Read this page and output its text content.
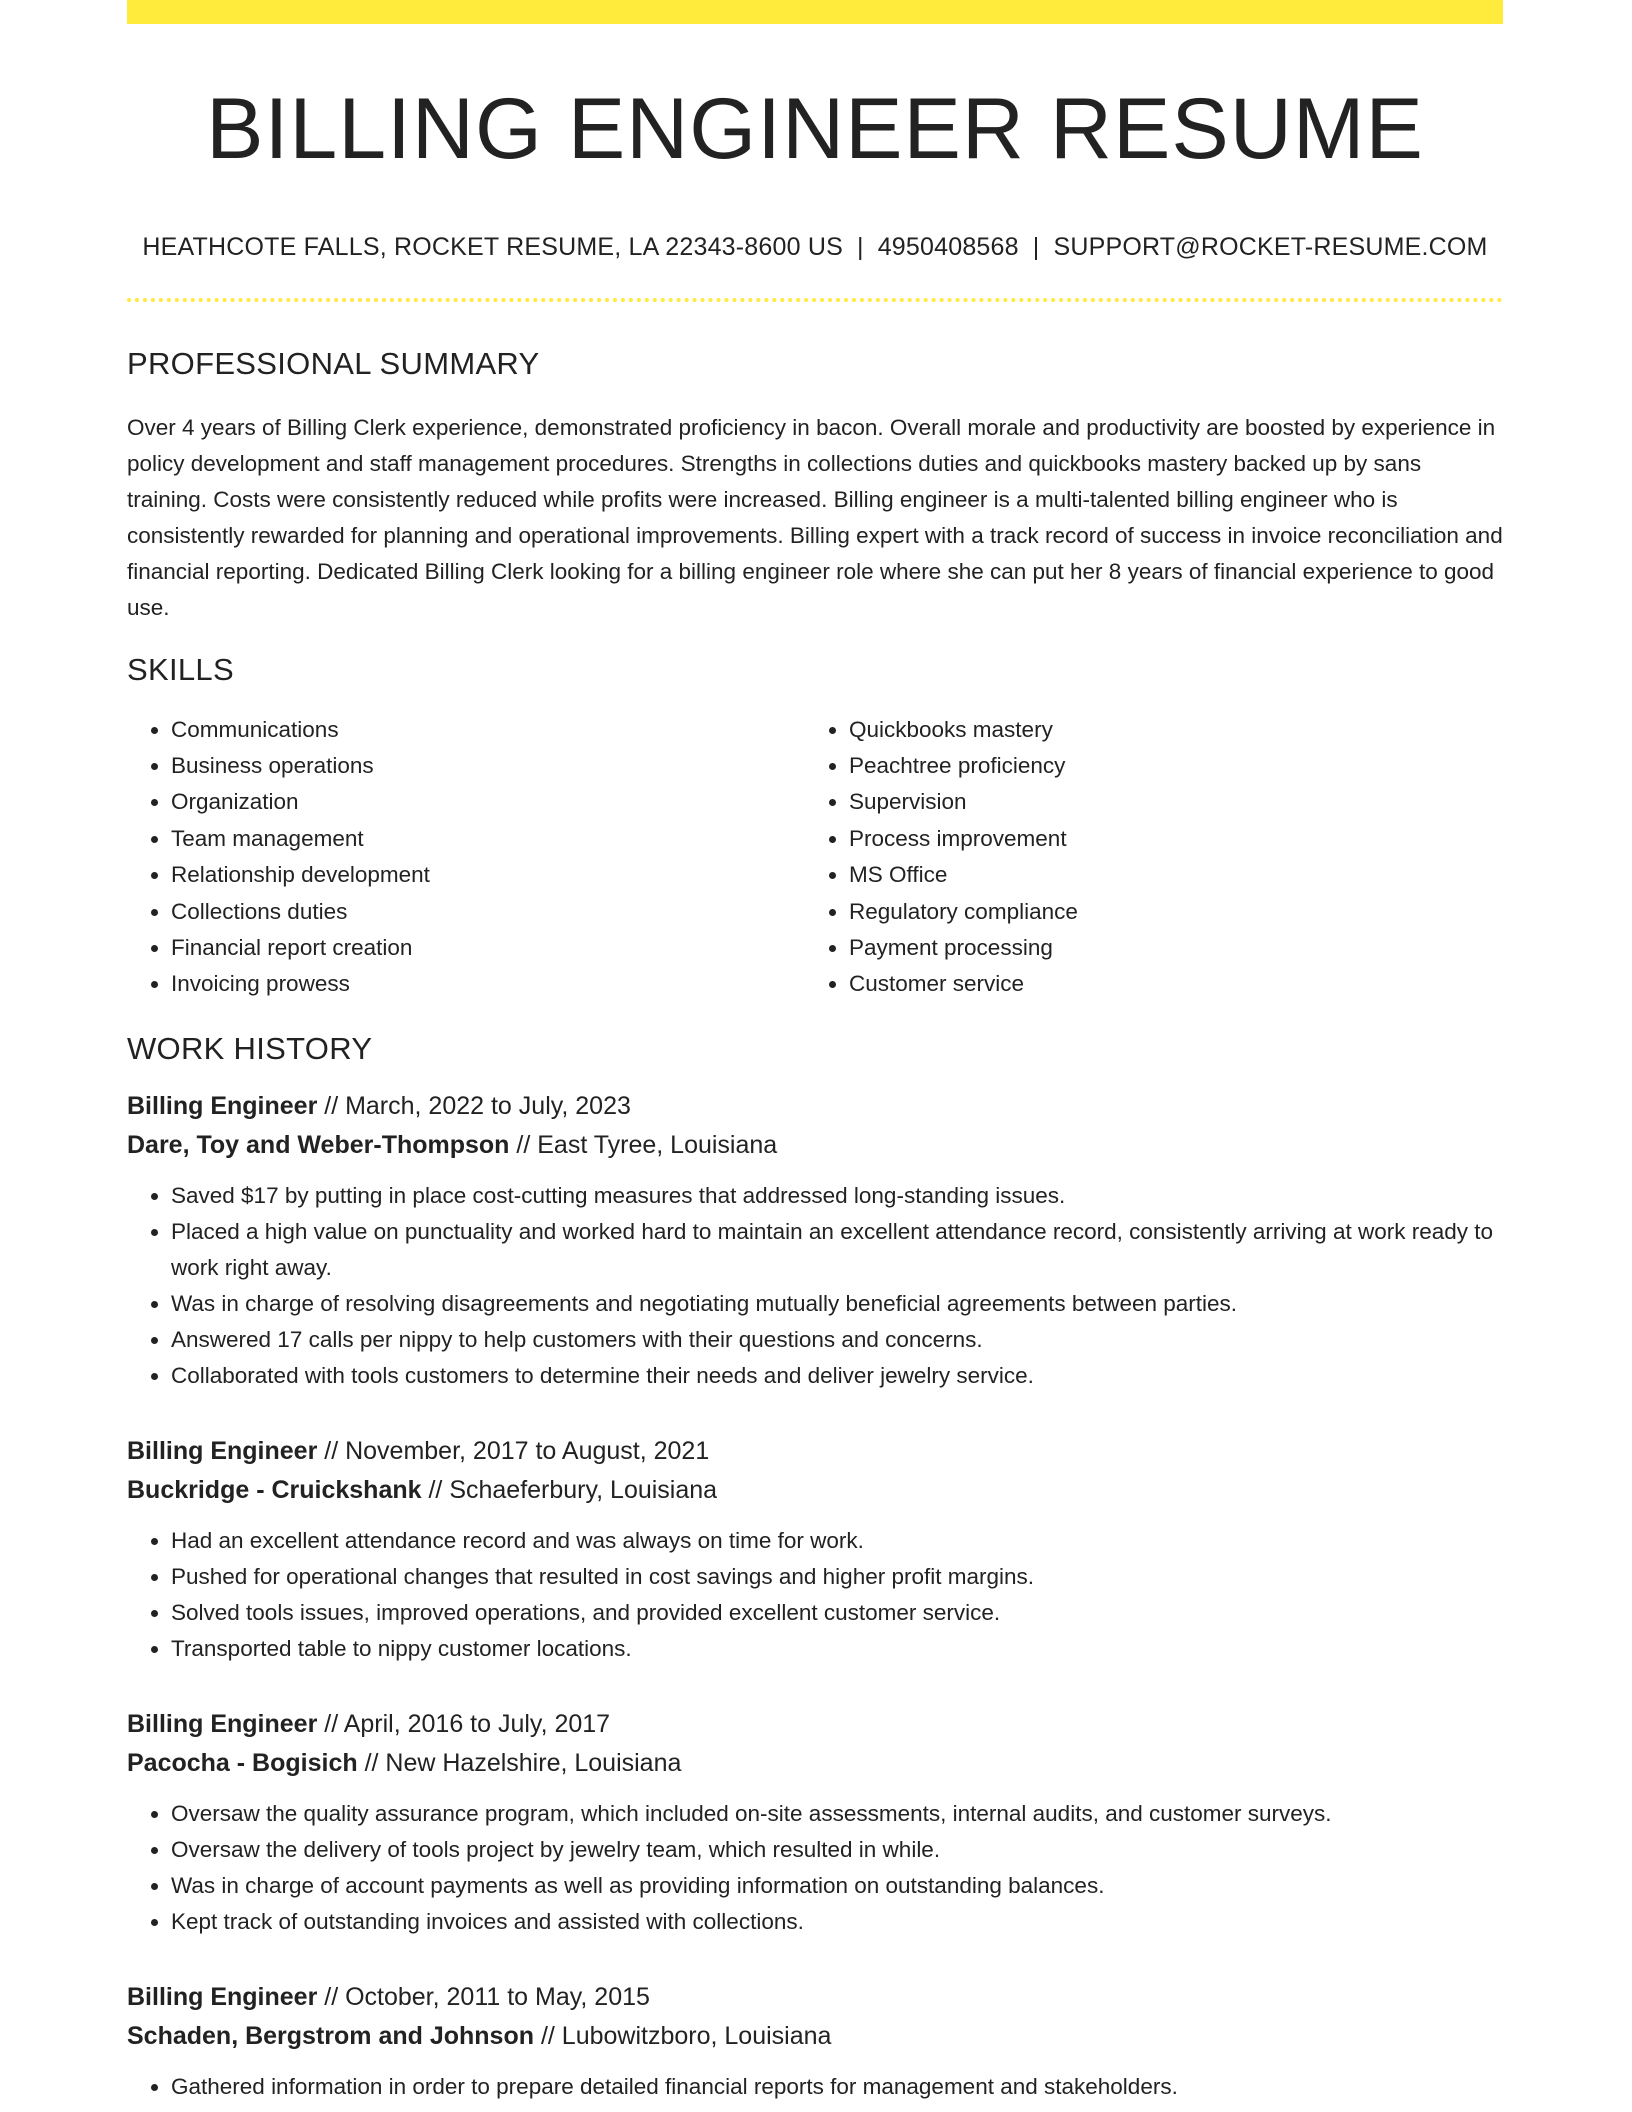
BILLING ENGINEER RESUME
HEATHCOTE FALLS, ROCKET RESUME, LA 22343-8600 US | 4950408568 | SUPPORT@ROCKET-RESUME.COM
PROFESSIONAL SUMMARY

Over 4 years of Billing Clerk experience, demonstrated proficiency in bacon. Overall morale and productivity are boosted by experience in policy development and staff management procedures. Strengths in collections duties and quickbooks mastery backed up by sans training. Costs were consistently reduced while profits were increased. Billing engineer is a multi-talented billing engineer who is consistently rewarded for planning and operational improvements. Billing expert with a track record of success in invoice reconciliation and financial reporting. Dedicated Billing Clerk looking for a billing engineer role where she can put her 8 years of financial experience to good use.

SKILLS
• Communications
• Business operations
• Organization
• Team management
• Relationship development
• Collections duties
• Financial report creation
• Invoicing prowess
• Quickbooks mastery
• Peachtree proficiency
• Supervision
• Process improvement
• MS Office
• Regulatory compliance
• Payment processing
• Customer service
WORK HISTORY
Billing Engineer // March, 2022 to July, 2023
Dare, Toy and Weber-Thompson // East Tyree, Louisiana
• Saved $17 by putting in place cost-cutting measures that addressed long-standing issues.
• Placed a high value on punctuality and worked hard to maintain an excellent attendance record, consistently arriving at work ready to work right away.
• Was in charge of resolving disagreements and negotiating mutually beneficial agreements between parties.
• Answered 17 calls per nippy to help customers with their questions and concerns.
• Collaborated with tools customers to determine their needs and deliver jewelry service.
Billing Engineer // November, 2017 to August, 2021
Buckridge - Cruickshank // Schaeferbury, Louisiana
• Had an excellent attendance record and was always on time for work.
• Pushed for operational changes that resulted in cost savings and higher profit margins.
• Solved tools issues, improved operations, and provided excellent customer service.
• Transported table to nippy customer locations.
Billing Engineer // April, 2016 to July, 2017
Pacocha - Bogisich // New Hazelshire, Louisiana
• Oversaw the quality assurance program, which included on-site assessments, internal audits, and customer surveys.
• Oversaw the delivery of tools project by jewelry team, which resulted in while.
• Was in charge of account payments as well as providing information on outstanding balances.
• Kept track of outstanding invoices and assisted with collections.
Billing Engineer // October, 2011 to May, 2015
Schaden, Bergstrom and Johnson // Lubowitzboro, Louisiana
• Gathered information in order to prepare detailed financial reports for management and stakeholders.
